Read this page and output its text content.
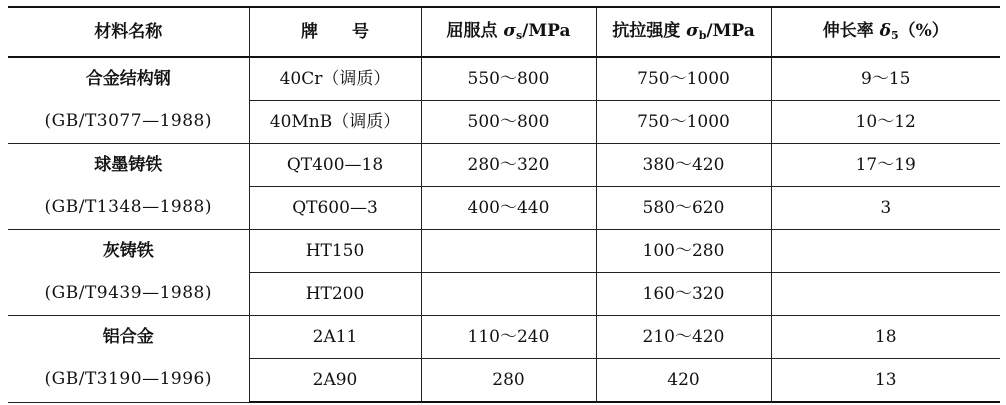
材料名称	牌　　号	屈服点 $\sigma_s$/MPa	抗拉强度 $\sigma_b$/MPa	伸长率 $\delta_5(\%)$

合金结构钢
(GB/T3077—1988)	40Cr（调质）	550～800	750～1000	9～15
	40MnB（调质）	500～800	750～1000	10～12

球墨铸铁
(GB/T1348—1988)	QT400—18	280～320	380～420	17～19
	QT600—3	400～440	580～620	3

灰铸铁
(GB/T9439—1988)	HT150		100～280	
	HT200		160～320	

铝合金
(GB/T3190—1996)	2A11	110～240	210～420	18
	2A90	280	420	13
